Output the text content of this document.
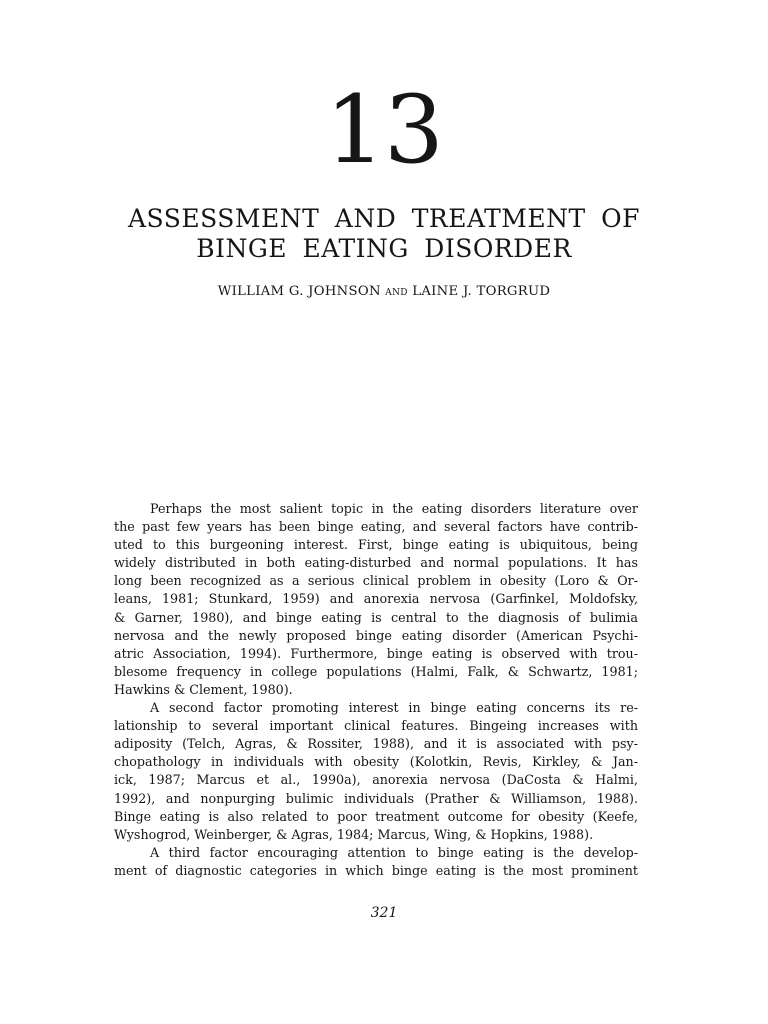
13
ASSESSMENT AND TREATMENT OF
BINGE EATING DISORDER
WILLIAM G. JOHNSON and LAINE J. TORGRUD
Perhaps the most salient topic in the eating disorders literature over
the past few years has been binge eating, and several factors have contrib-
uted to this burgeoning interest. First, binge eating is ubiquitous, being
widely distributed in both eating-disturbed and normal populations. It has
long been recognized as a serious clinical problem in obesity (Loro & Or-
leans, 1981; Stunkard, 1959) and anorexia nervosa (Garfinkel, Moldofsky,
& Garner, 1980), and binge eating is central to the diagnosis of bulimia
nervosa and the newly proposed binge eating disorder (American Psychi-
atric Association, 1994). Furthermore, binge eating is observed with trou-
blesome frequency in college populations (Halmi, Falk, & Schwartz, 1981;
Hawkins & Clement, 1980).
A second factor promoting interest in binge eating concerns its re-
lationship to several important clinical features. Bingeing increases with
adiposity (Telch, Agras, & Rossiter, 1988), and it is associated with psy-
chopathology in individuals with obesity (Kolotkin, Revis, Kirkley, & Jan-
ick, 1987; Marcus et al., 1990a), anorexia nervosa (DaCosta & Halmi,
1992), and nonpurging bulimic individuals (Prather & Williamson, 1988).
Binge eating is also related to poor treatment outcome for obesity (Keefe,
Wyshogrod, Weinberger, & Agras, 1984; Marcus, Wing, & Hopkins, 1988).
A third factor encouraging attention to binge eating is the develop-
ment of diagnostic categories in which binge eating is the most prominent
321
